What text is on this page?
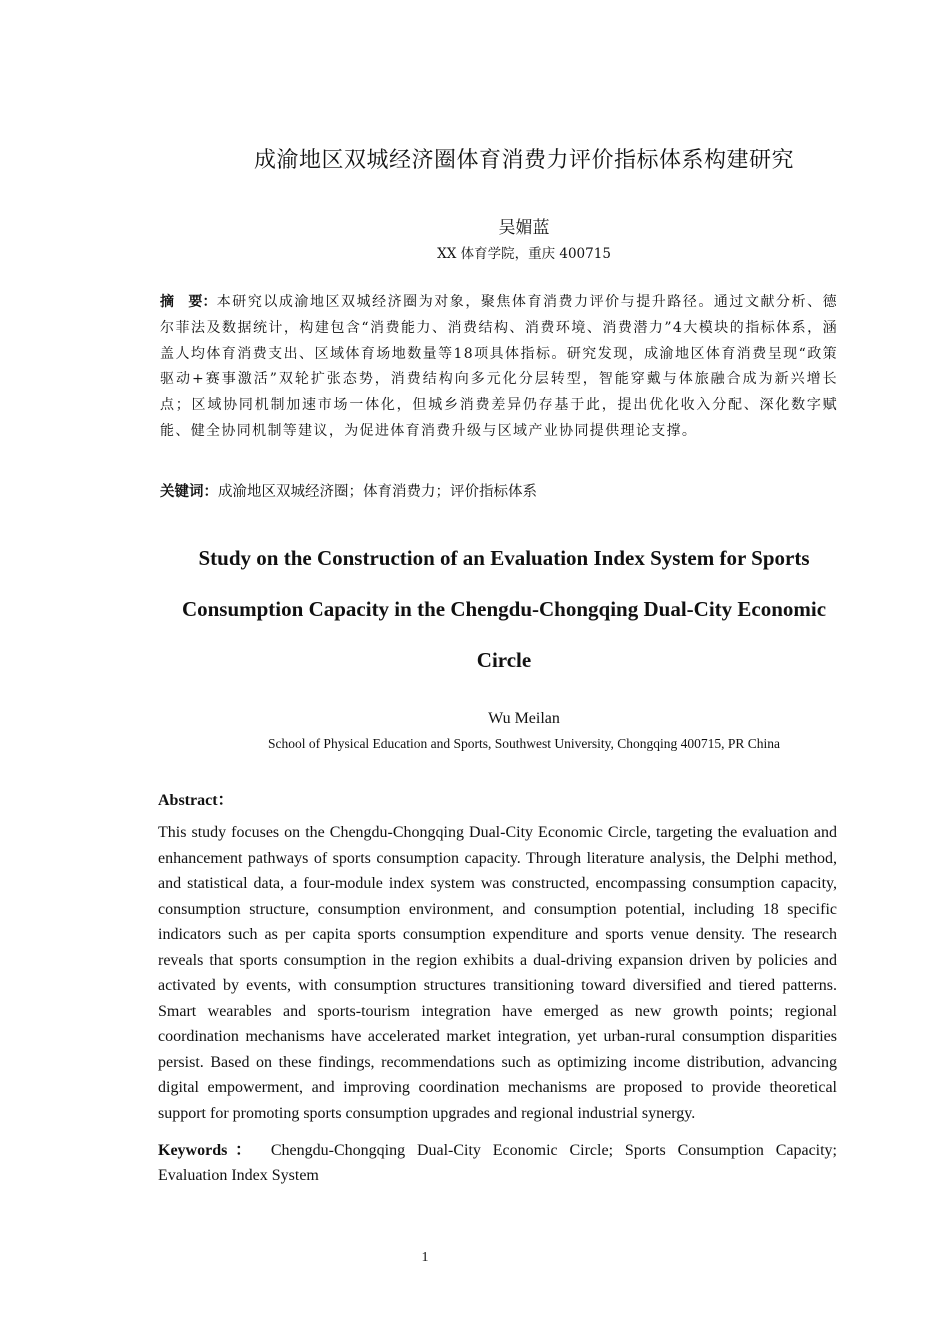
成渝地区双城经济圈体育消费力评价指标体系构建研究
吴媚蓝
XX 体育学院，重庆 400715
摘　要：本研究以成渝地区双城经济圈为对象，聚焦体育消费力评价与提升路径。通过文献分析、德尔菲法及数据统计，构建包含“消费能力、消费结构、消费环境、消费潜力”4大模块的指标体系，涵盖人均体育消费支出、区域体育场地数量等18项具体指标。研究发现，成渝地区体育消费呈现“政策驱动+赛事激活”双轮扩张态势，消费结构向多元化分层转型，智能穿戴与体旅融合成为新兴增长点；区域协同机制加速市场一体化，但城乡消费差异仍存基于此，提出优化收入分配、深化数字赋能、健全协同机制等建议，为促进体育消费升级与区域产业协同提供理论支撑。
关键词：成渝地区双城经济圈；体育消费力；评价指标体系
Study on the Construction of an Evaluation Index System for Sports Consumption Capacity in the Chengdu-Chongqing Dual-City Economic Circle
Wu Meilan
School of Physical Education and Sports, Southwest University, Chongqing 400715, PR China
Abstract：
This study focuses on the Chengdu-Chongqing Dual-City Economic Circle, targeting the evaluation and enhancement pathways of sports consumption capacity. Through literature analysis, the Delphi method, and statistical data, a four-module index system was constructed, encompassing consumption capacity, consumption structure, consumption environment, and consumption potential, including 18 specific indicators such as per capita sports consumption expenditure and sports venue density. The research reveals that sports consumption in the region exhibits a dual-driving expansion driven by policies and activated by events, with consumption structures transitioning toward diversified and tiered patterns. Smart wearables and sports-tourism integration have emerged as new growth points; regional coordination mechanisms have accelerated market integration, yet urban-rural consumption disparities persist. Based on these findings, recommendations such as optimizing income distribution, advancing digital empowerment, and improving coordination mechanisms are proposed to provide theoretical support for promoting sports consumption upgrades and regional industrial synergy.
Keywords： Chengdu-Chongqing Dual-City Economic Circle; Sports Consumption Capacity; Evaluation Index System
1
